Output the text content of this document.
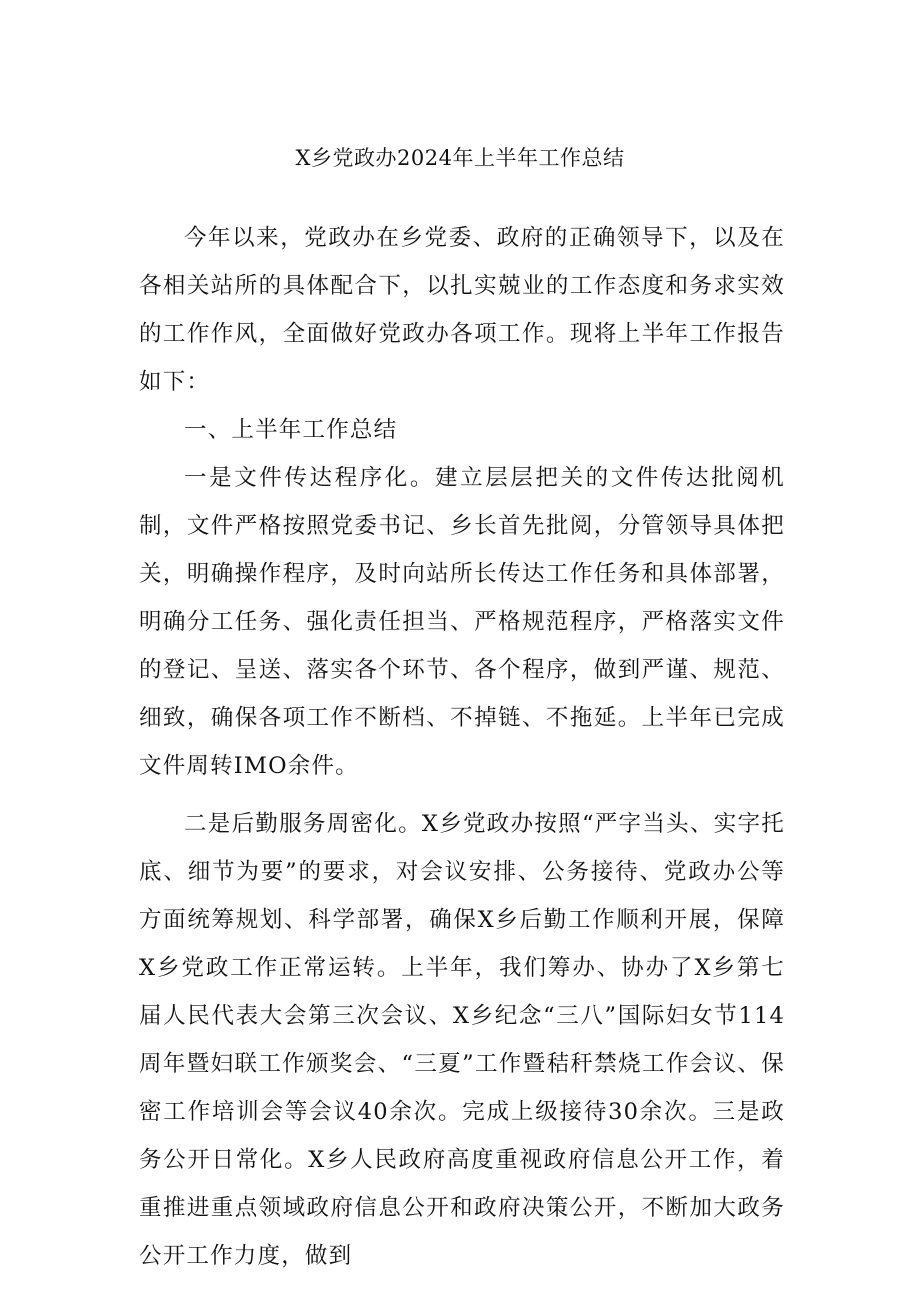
X乡党政办2024年上半年工作总结

今年以来，党政办在乡党委、政府的正确领导下，以及在各相关站所的具体配合下，以扎实兢业的工作态度和务求实效的工作作风，全面做好党政办各项工作。现将上半年工作报告如下：

一、上半年工作总结

一是文件传达程序化。建立层层把关的文件传达批阅机制，文件严格按照党委书记、乡长首先批阅，分管领导具体把关，明确操作程序，及时向站所长传达工作任务和具体部署，明确分工任务、强化责任担当、严格规范程序，严格落实文件的登记、呈送、落实各个环节、各个程序，做到严谨、规范、细致，确保各项工作不断档、不掉链、不拖延。上半年已完成文件周转IMO余件。

二是后勤服务周密化。X乡党政办按照“严字当头、实字托底、细节为要”的要求，对会议安排、公务接待、党政办公等方面统筹规划、科学部署，确保X乡后勤工作顺利开展，保障X乡党政工作正常运转。上半年，我们筹办、协办了X乡第七届人民代表大会第三次会议、X乡纪念“三八”国际妇女节114周年暨妇联工作颁奖会、“三夏”工作暨秸秆禁烧工作会议、保密工作培训会等会议40余次。完成上级接待30余次。三是政务公开日常化。X乡人民政府高度重视政府信息公开工作，着重推进重点领域政府信息公开和政府决策公开，不断加大政务公开工作力度，做到
